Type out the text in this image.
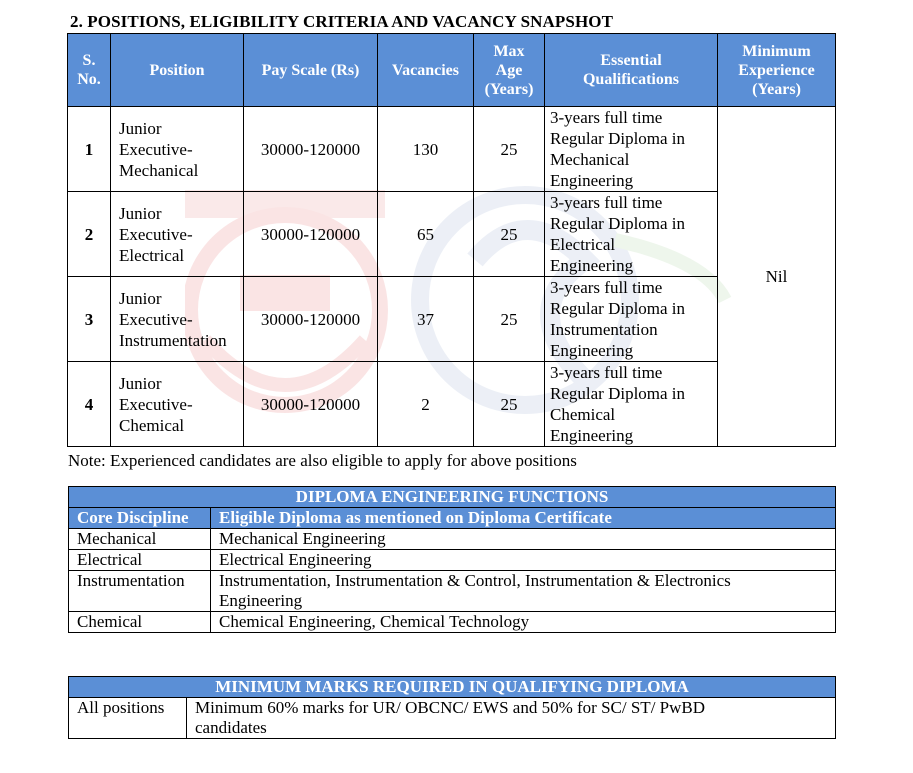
2. POSITIONS, ELIGIBILITY CRITERIA AND VACANCY SNAPSHOT
S.
No.	Position	Pay Scale (Rs)	Vacancies	Max
Age
(Years)	Essential
Qualifications	Minimum
Experience
(Years)
1	Junior
Executive-
Mechanical	30000-120000	130	25	3-years full time
Regular Diploma in
Mechanical
Engineering	Nil
2	Junior
Executive-
Electrical	30000-120000	65	25	3-years full time
Regular Diploma in
Electrical
Engineering	
3	Junior
Executive-
Instrumentation	30000-120000	37	25	3-years full time
Regular Diploma in
Instrumentation
Engineering	
4	Junior
Executive-
Chemical	30000-120000	2	25	3-years full time
Regular Diploma in
Chemical
Engineering	
Note: Experienced candidates are also eligible to apply for above positions
DIPLOMA ENGINEERING FUNCTIONS	
Core Discipline	Eligible Diploma as mentioned on Diploma Certificate
Mechanical	Mechanical Engineering
Electrical	Electrical Engineering
Instrumentation	Instrumentation, Instrumentation & Control, Instrumentation & Electronics
Engineering
Chemical	Chemical Engineering, Chemical Technology
MINIMUM MARKS REQUIRED IN QUALIFYING DIPLOMA
All positions	Minimum 60% marks for UR/ OBCNC/ EWS and 50% for SC/ ST/ PwBD
candidates
